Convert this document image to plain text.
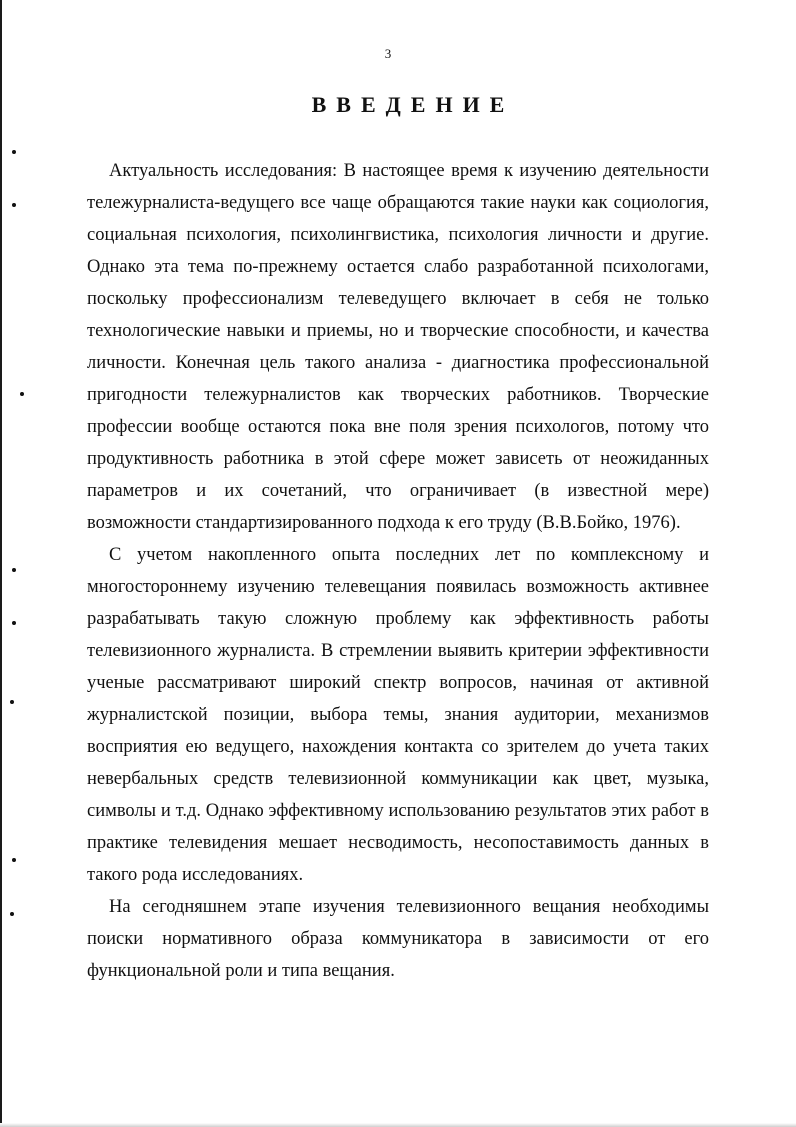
3
ВВЕДЕНИЕ

Актуальность исследования: В настоящее время к изучению деятельности тележурналиста-ведущего все чаще обращаются такие науки как социология, социальная психология, психолингвистика, психология личности и другие. Однако эта тема по-прежнему остается слабо разработанной психологами, поскольку профессионализм телеведущего включает в себя не только технологические навыки и приемы, но и творческие способности, и качества личности. Конечная цель такого анализа - диагностика профессиональной пригодности тележурналистов как творческих работников. Творческие профессии вообще остаются пока вне поля зрения психологов, потому что продуктивность работника в этой сфере может зависеть от неожиданных параметров и их сочетаний, что ограничивает (в известной мере) возможности стандартизированного подхода к его труду (В.В.Бойко, 1976).

С учетом накопленного опыта последних лет по комплексному и многостороннему изучению телевещания появилась возможность активнее разрабатывать такую сложную проблему как эффективность работы телевизионного журналиста. В стремлении выявить критерии эффективности ученые рассматривают широкий спектр вопросов, начиная от активной журналистской позиции, выбора темы, знания аудитории, механизмов восприятия ею ведущего, нахождения контакта со зрителем до учета таких невербальных средств телевизионной коммуникации как цвет, музыка, символы и т.д. Однако эффективному использованию результатов этих работ в практике телевидения мешает несводимость, несопоставимость данных в такого рода исследованиях.

На сегодняшнем этапе изучения телевизионного вещания необходимы поиски нормативного образа коммуникатора в зависимости от его функциональной роли и типа вещания.
